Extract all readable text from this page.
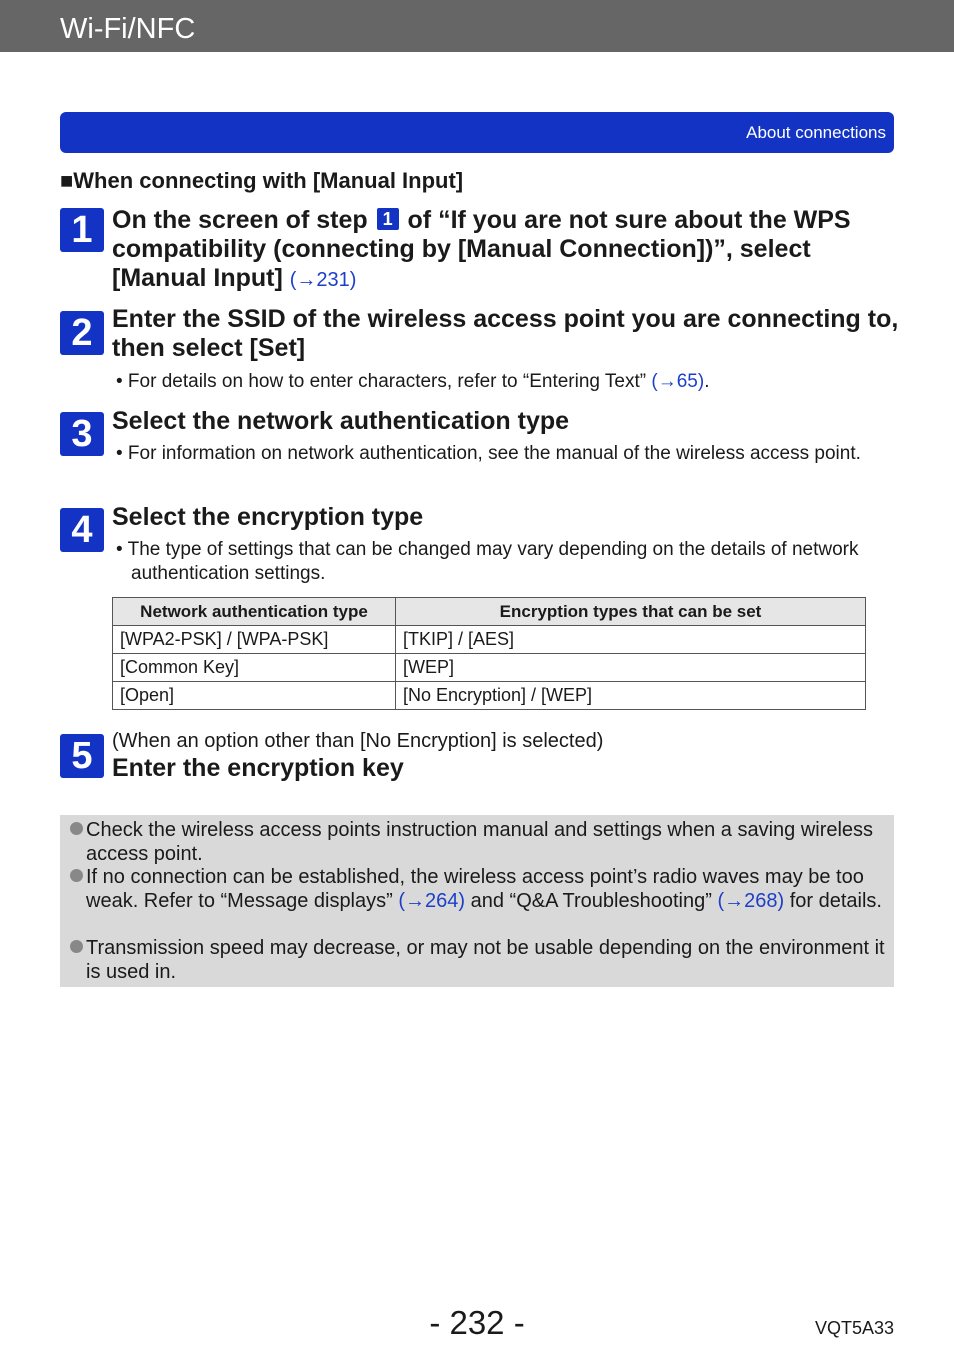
Wi-Fi/NFC
About connections
■When connecting with [Manual Input]
1 On the screen of step 1 of “If you are not sure about the WPS compatibility (connecting by [Manual Connection])”, select [Manual Input] (→231)
2 Enter the SSID of the wireless access point you are connecting to, then select [Set]
• For details on how to enter characters, refer to “Entering Text” (→65).
3 Select the network authentication type
• For information on network authentication, see the manual of the wireless access point.
4 Select the encryption type
• The type of settings that can be changed may vary depending on the details of network authentication settings.
Network authentication type	Encryption types that can be set
[WPA2-PSK] / [WPA-PSK]	[TKIP] / [AES]
[Common Key]	[WEP]
[Open]	[No Encryption] / [WEP]
5 (When an option other than [No Encryption] is selected)
Enter the encryption key
Check the wireless access points instruction manual and settings when a saving wireless access point.
If no connection can be established, the wireless access point’s radio waves may be too weak. Refer to “Message displays” (→264) and “Q&A Troubleshooting” (→268) for details.
Transmission speed may decrease, or may not be usable depending on the environment it is used in.
- 232 -	VQT5A33
